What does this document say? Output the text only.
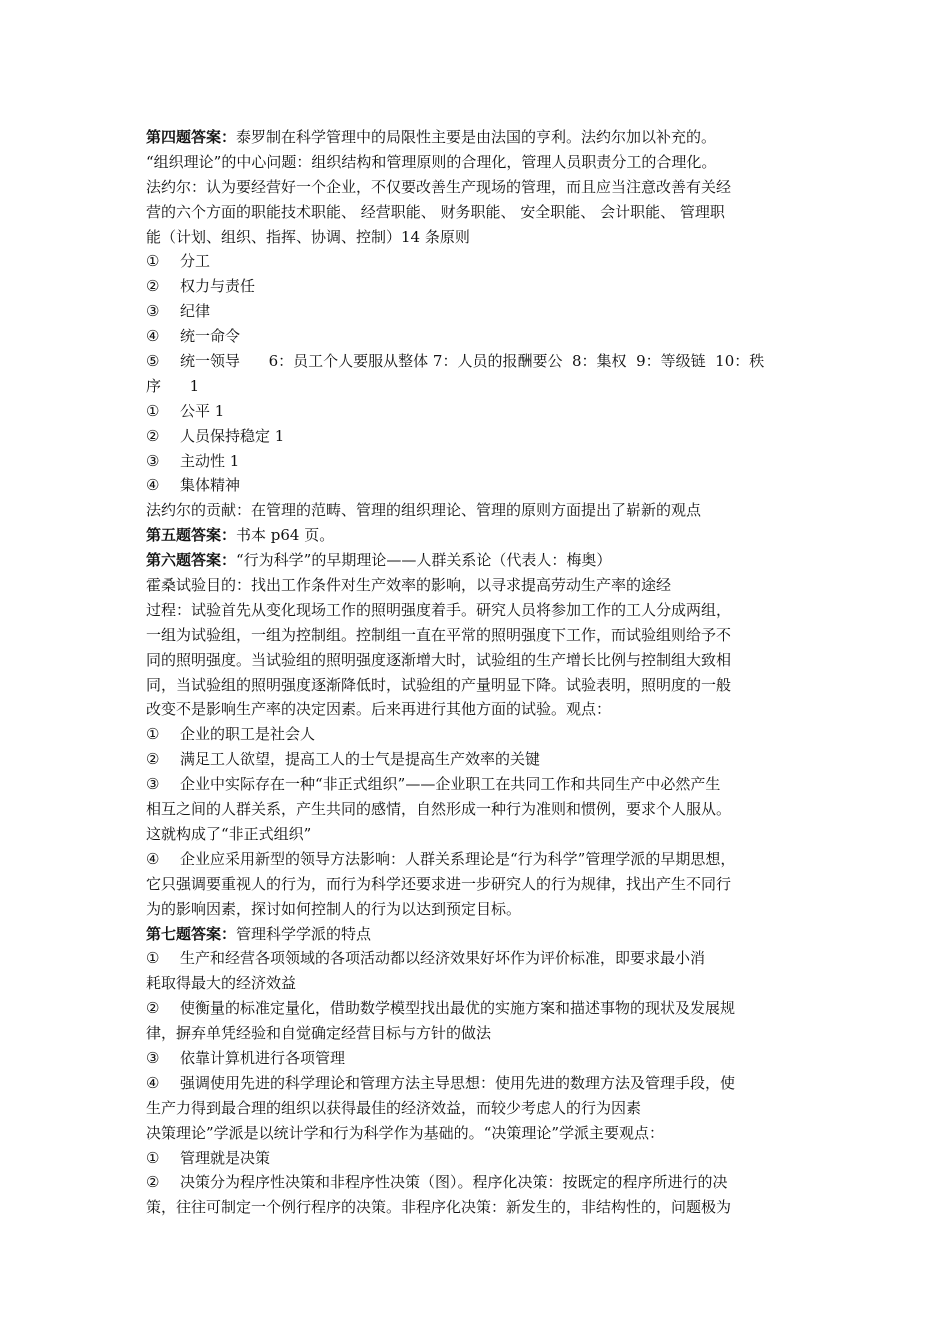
第四题答案：泰罗制在科学管理中的局限性主要是由法国的亨利。法约尔加以补充的。
“组织理论”的中心问题：组织结构和管理原则的合理化，管理人员职责分工的合理化。
法约尔：认为要经营好一个企业，不仅要改善生产现场的管理，而且应当注意改善有关经
营的六个方面的职能技术职能、 经营职能、 财务职能、 安全职能、 会计职能、 管理职
能（计划、组织、指挥、协调、控制）14 条原则
① 分工
② 权力与责任
③ 纪律
④ 统一命令
⑤ 统一领导      6：员工个人要服从整体 7：人员的报酬要公  8：集权  9：等级链  10：秩
序      1
① 公平 1
② 人员保持稳定 1
③ 主动性 1
④ 集体精神
法约尔的贡献：在管理的范畴、管理的组织理论、管理的原则方面提出了崭新的观点
第五题答案：书本 p64 页。
第六题答案：“行为科学”的早期理论——人群关系论（代表人：梅奥）
霍桑试验目的：找出工作条件对生产效率的影响，以寻求提高劳动生产率的途经
过程：试验首先从变化现场工作的照明强度着手。研究人员将参加工作的工人分成两组，
一组为试验组，一组为控制组。控制组一直在平常的照明强度下工作，而试验组则给予不
同的照明强度。当试验组的照明强度逐渐增大时，试验组的生产增长比例与控制组大致相
同，当试验组的照明强度逐渐降低时，试验组的产量明显下降。试验表明，照明度的一般
改变不是影响生产率的决定因素。后来再进行其他方面的试验。观点：
① 企业的职工是社会人
② 满足工人欲望，提高工人的士气是提高生产效率的关键
③ 企业中实际存在一种“非正式组织”——企业职工在共同工作和共同生产中必然产生
相互之间的人群关系，产生共同的感情，自然形成一种行为准则和惯例，要求个人服从。
这就构成了“非正式组织”
④ 企业应采用新型的领导方法影响：人群关系理论是“行为科学”管理学派的早期思想，
它只强调要重视人的行为，而行为科学还要求进一步研究人的行为规律，找出产生不同行
为的影响因素，探讨如何控制人的行为以达到预定目标。
第七题答案：管理科学学派的特点
① 生产和经营各项领域的各项活动都以经济效果好坏作为评价标准，即要求最小消
耗取得最大的经济效益
② 使衡量的标准定量化，借助数学模型找出最优的实施方案和描述事物的现状及发展规
律，摒弃单凭经验和自觉确定经营目标与方针的做法
③ 依靠计算机进行各项管理
④ 强调使用先进的科学理论和管理方法主导思想：使用先进的数理方法及管理手段，使
生产力得到最合理的组织以获得最佳的经济效益，而较少考虑人的行为因素
决策理论”学派是以统计学和行为科学作为基础的。“决策理论”学派主要观点：
① 管理就是决策
② 决策分为程序性决策和非程序性决策（图）。程序化决策：按既定的程序所进行的决
策，往往可制定一个例行程序的决策。非程序化决策：新发生的，非结构性的，问题极为
